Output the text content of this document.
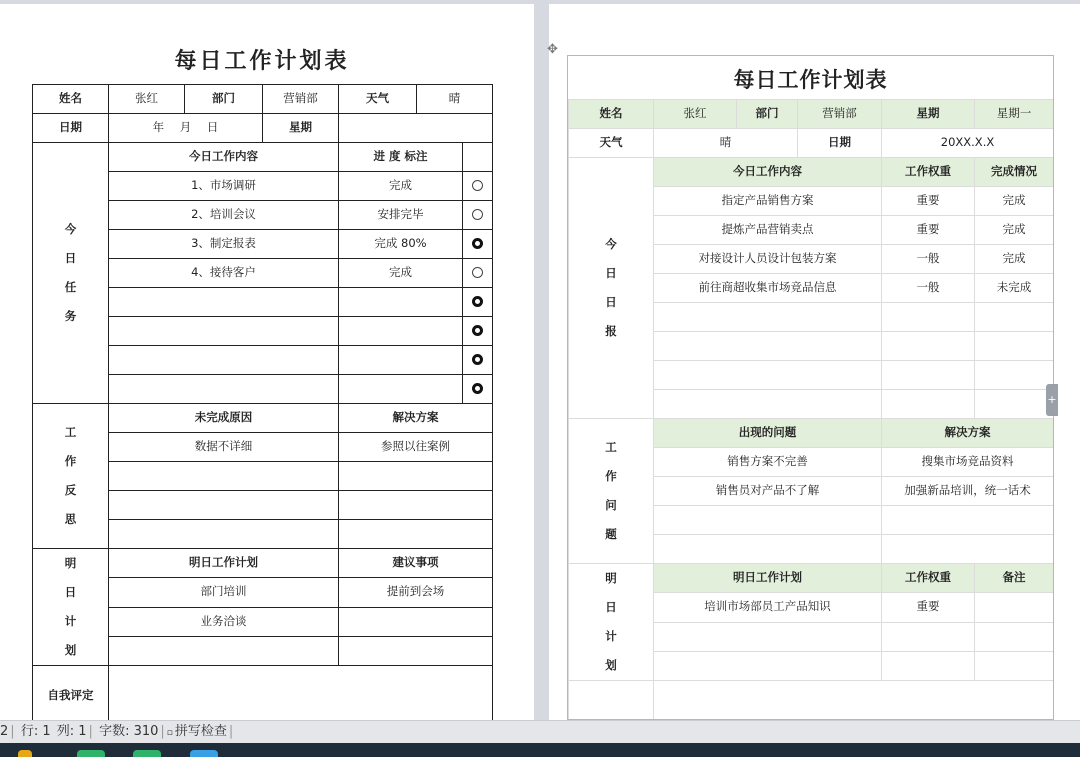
每日工作计划表
姓名	张红	部门	营销部	天气	晴	
日期	年 月 日		星期			

今日任务	今日工作内容			进 度 标注		
	1、市场调研			完成		
	2、培训会议			安排完毕		
	3、制定报表			完成 80%		
	4、接待客户			完成		

工作反思	未完成原因			解决方案		
	数据不详细			参照以往案例		

明日计划	明日工作计划			建议事项		
	部门培训			提前到会场		
	业务洽谈					

自我评定						
✥
每日工作计划表
姓名	张红	部门	营销部	星期	星期一
天气	晴		日期	20XX.X.X	

今日日报	今日工作内容			工作权重	完成情况
	指定产品销售方案			重要	完成
	提炼产品营销卖点			重要	完成
	对接设计人员设计包装方案			一般	完成
	前往商超收集市场竞品信息			一般	未完成

工作问题	出现的问题			解决方案	
	销售方案不完善			搜集市场竞品资料	
	销售员对产品不了解			加强新品培训，统一话术	

明日计划	明日工作计划			工作权重	备注
	培训市场部员工产品知识			重要	

+
2 | 行: 1 列: 1 | 字数: 310 | ▫ 拼写检查 |
